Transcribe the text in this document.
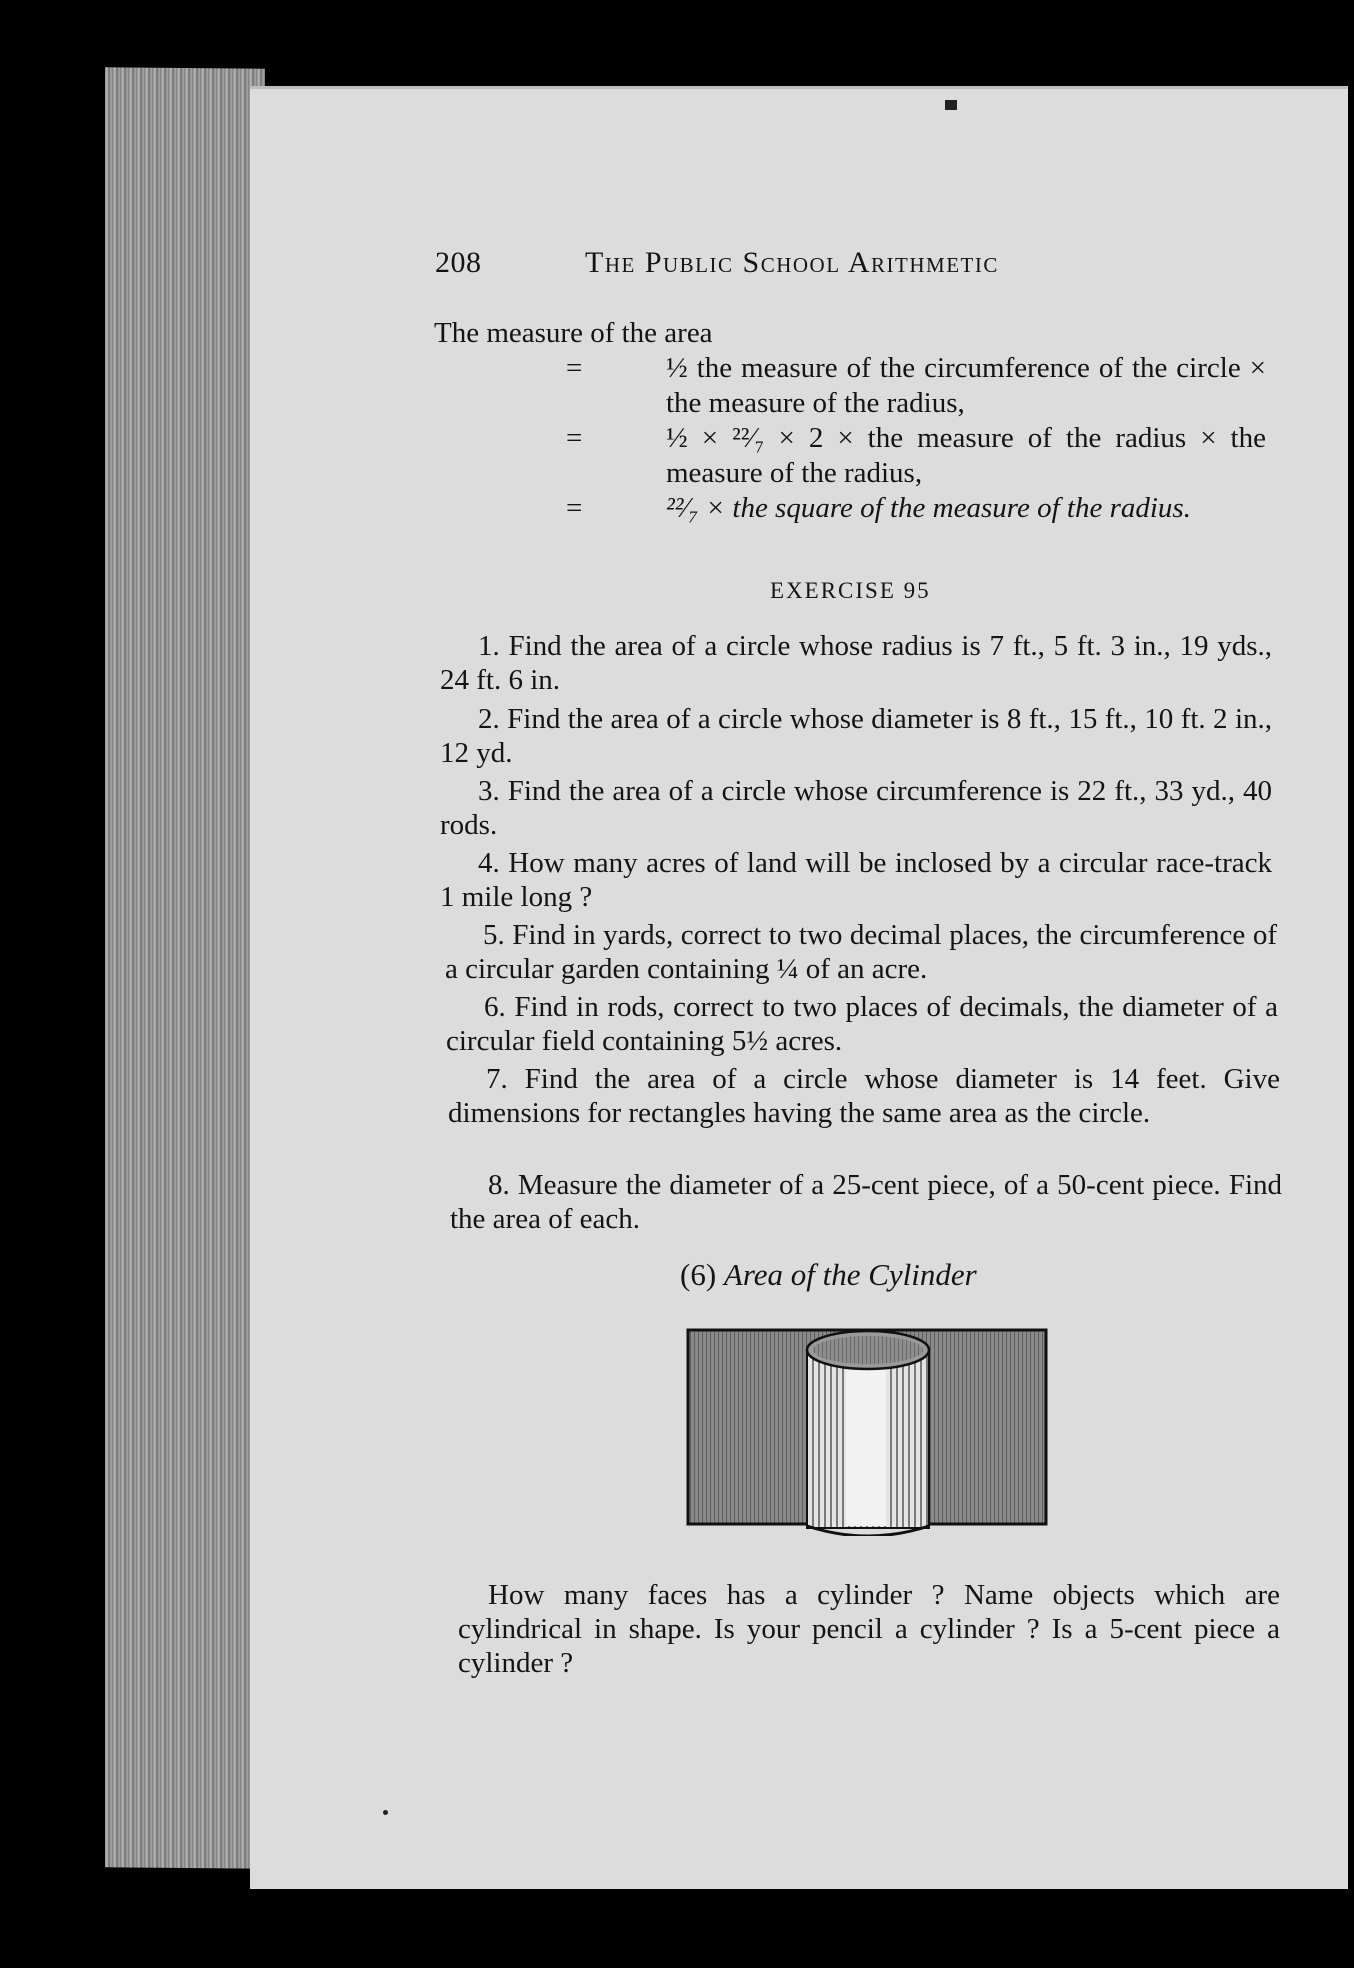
208	The Public School Arithmetic
The measure of the area
=	½ the measure of the circumference of the circle × the measure of the radius,
=	½ × ²²⁄₇ × 2 × the measure of the radius × the measure of the radius,
=	²²⁄₇ × the square of the measure of the radius.
EXERCISE 95
1. Find the area of a circle whose radius is 7 ft., 5 ft. 3 in., 19 yds., 24 ft. 6 in.
2. Find the area of a circle whose diameter is 8 ft., 15 ft., 10 ft. 2 in., 12 yd.
3. Find the area of a circle whose circumference is 22 ft., 33 yd., 40 rods.
4. How many acres of land will be inclosed by a circular race-track 1 mile long ?
5. Find in yards, correct to two decimal places, the circumference of a circular garden containing ¼ of an acre.
6. Find in rods, correct to two places of decimals, the diameter of a circular field containing 5½ acres.
7. Find the area of a circle whose diameter is 14 feet. Give dimensions for rectangles having the same area as the circle.
8. Measure the diameter of a 25-cent piece, of a 50-cent piece. Find the area of each.
(6) Area of the Cylinder
How many faces has a cylinder ? Name objects which are cylindrical in shape. Is your pencil a cylinder ? Is a 5-cent piece a cylinder ?
